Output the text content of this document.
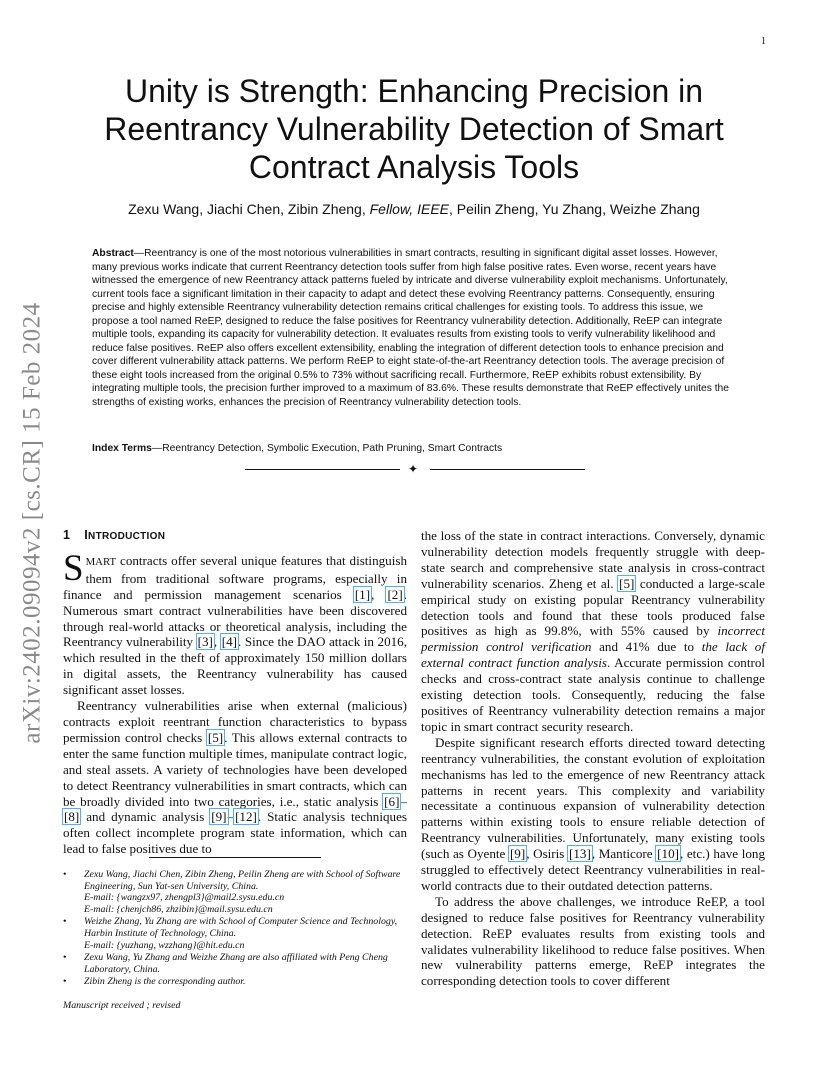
1
arXiv:2402.09094v2 [cs.CR] 15 Feb 2024
Unity is Strength: Enhancing Precision in Reentrancy Vulnerability Detection of Smart Contract Analysis Tools
Zexu Wang, Jiachi Chen, Zibin Zheng, Fellow, IEEE, Peilin Zheng, Yu Zhang, Weizhe Zhang
Abstract—Reentrancy is one of the most notorious vulnerabilities in smart contracts, resulting in significant digital asset losses. However, many previous works indicate that current Reentrancy detection tools suffer from high false positive rates. Even worse, recent years have witnessed the emergence of new Reentrancy attack patterns fueled by intricate and diverse vulnerability exploit mechanisms. Unfortunately, current tools face a significant limitation in their capacity to adapt and detect these evolving Reentrancy patterns. Consequently, ensuring precise and highly extensible Reentrancy vulnerability detection remains critical challenges for existing tools. To address this issue, we propose a tool named ReEP, designed to reduce the false positives for Reentrancy vulnerability detection. Additionally, ReEP can integrate multiple tools, expanding its capacity for vulnerability detection. It evaluates results from existing tools to verify vulnerability likelihood and reduce false positives. ReEP also offers excellent extensibility, enabling the integration of different detection tools to enhance precision and cover different vulnerability attack patterns. We perform ReEP to eight state-of-the-art Reentrancy detection tools. The average precision of these eight tools increased from the original 0.5% to 73% without sacrificing recall. Furthermore, ReEP exhibits robust extensibility. By integrating multiple tools, the precision further improved to a maximum of 83.6%. These results demonstrate that ReEP effectively unites the strengths of existing works, enhances the precision of Reentrancy vulnerability detection tools.
Index Terms—Reentrancy Detection, Symbolic Execution, Path Pruning, Smart Contracts
✦
1 INTRODUCTION

SMART contracts offer several unique features that distinguish them from traditional software programs, especially in finance and permission management scenarios [1], [2]. Numerous smart contract vulnerabilities have been discovered through real-world attacks or theoretical analysis, including the Reentrancy vulnerability [3], [4]. Since the DAO attack in 2016, which resulted in the theft of approximately 150 million dollars in digital assets, the Reentrancy vulnerability has caused significant asset losses.

Reentrancy vulnerabilities arise when external (malicious) contracts exploit reentrant function characteristics to bypass permission control checks [5]. This allows external contracts to enter the same function multiple times, manipulate contract logic, and steal assets. A variety of technologies have been developed to detect Reentrancy vulnerabilities in smart contracts, which can be broadly divided into two categories, i.e., static analysis [6]–[8] and dynamic analysis [9]–[12]. Static analysis techniques often collect incomplete program state information, which can lead to false positives due to

• Zexu Wang, Jiachi Chen, Zibin Zheng, Peilin Zheng are with School of Software Engineering, Sun Yat-sen University, China.
E-mail: {wangzx97, zhengpl3}@mail2.sysu.edu.cn
E-mail: {chenjch86, zhzibin}@mail.sysu.edu.cn
• Weizhe Zhang, Yu Zhang are with School of Computer Science and Technology, Harbin Institute of Technology, China.
E-mail: {yuzhang, wzzhang}@hit.edu.cn
• Zexu Wang, Yu Zhang and Weizhe Zhang are also affiliated with Peng Cheng Laboratory, China.
• Zibin Zheng is the corresponding author.
Manuscript received ; revised

the loss of the state in contract interactions. Conversely, dynamic vulnerability detection models frequently struggle with deep-state search and comprehensive state analysis in cross-contract vulnerability scenarios. Zheng et al. [5] conducted a large-scale empirical study on existing popular Reentrancy vulnerability detection tools and found that these tools produced false positives as high as 99.8%, with 55% caused by incorrect permission control verification and 41% due to the lack of external contract function analysis. Accurate permission control checks and cross-contract state analysis continue to challenge existing detection tools. Consequently, reducing the false positives of Reentrancy vulnerability detection remains a major topic in smart contract security research.

Despite significant research efforts directed toward detecting reentrancy vulnerabilities, the constant evolution of exploitation mechanisms has led to the emergence of new Reentrancy attack patterns in recent years. This complexity and variability necessitate a continuous expansion of vulnerability detection patterns within existing tools to ensure reliable detection of Reentrancy vulnerabilities. Unfortunately, many existing tools (such as Oyente [9], Osiris [13], Manticore [10], etc.) have long struggled to effectively detect Reentrancy vulnerabilities in real-world contracts due to their outdated detection patterns.

To address the above challenges, we introduce ReEP, a tool designed to reduce false positives for Reentrancy vulnerability detection. ReEP evaluates results from existing tools and validates vulnerability likelihood to reduce false positives. When new vulnerability patterns emerge, ReEP integrates the corresponding detection tools to cover different
